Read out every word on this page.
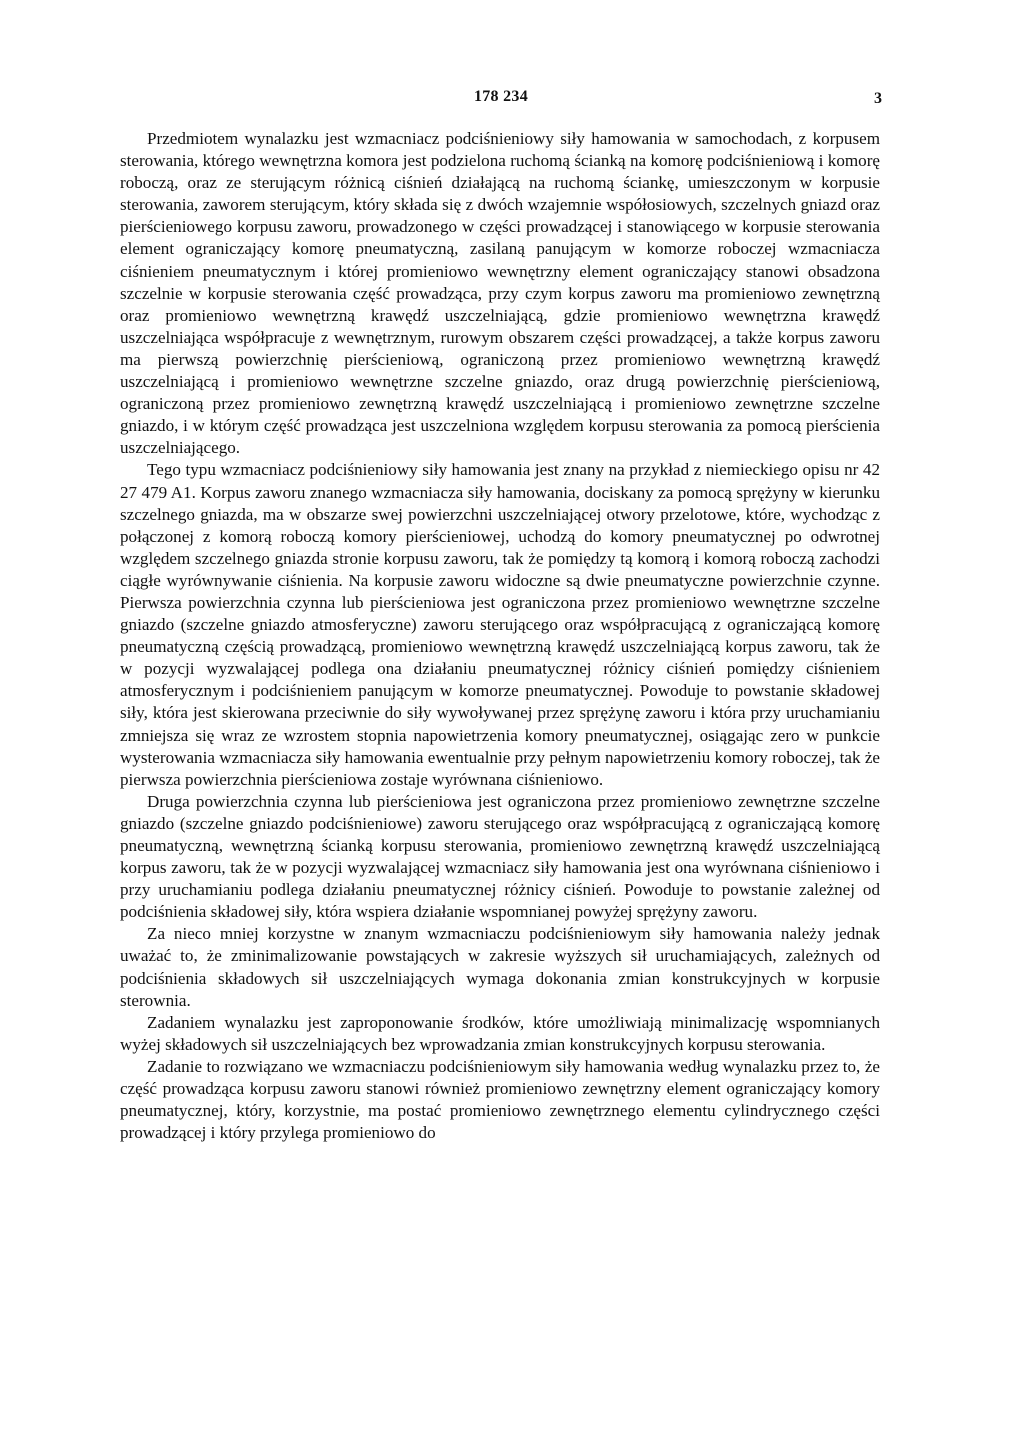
178 234	3

Przedmiotem wynalazku jest wzmacniacz podciśnieniowy siły hamowania w samochodach, z korpusem sterowania, którego wewnętrzna komora jest podzielona ruchomą ścianką na komorę podciśnieniową i komorę roboczą, oraz ze sterującym różnicą ciśnień działającą na ruchomą ściankę, umieszczonym w korpusie sterowania, zaworem sterującym, który składa się z dwóch wzajemnie współosiowych, szczelnych gniazd oraz pierścieniowego korpusu zaworu, prowadzonego w części prowadzącej i stanowiącego w korpusie sterowania element ograniczający komorę pneumatyczną, zasilaną panującym w komorze roboczej wzmacniacza ciśnieniem pneumatycznym i której promieniowo wewnętrzny element ograniczający stanowi obsadzona szczelnie w korpusie sterowania część prowadząca, przy czym korpus zaworu ma promieniowo zewnętrzną oraz promieniowo wewnętrzną krawędź uszczelniającą, gdzie promieniowo wewnętrzna krawędź uszczelniająca współpracuje z wewnętrznym, rurowym obszarem części prowadzącej, a także korpus zaworu ma pierwszą powierzchnię pierścieniową, ograniczoną przez promieniowo wewnętrzną krawędź uszczelniającą i promieniowo wewnętrzne szczelne gniazdo, oraz drugą powierzchnię pierścieniową, ograniczoną przez promieniowo zewnętrzną krawędź uszczelniającą i promieniowo zewnętrzne szczelne gniazdo, i w którym część prowadząca jest uszczelniona względem korpusu sterowania za pomocą pierścienia uszczelniającego.

Tego typu wzmacniacz podciśnieniowy siły hamowania jest znany na przykład z niemieckiego opisu nr 42 27 479 A1. Korpus zaworu znanego wzmacniacza siły hamowania, dociskany za pomocą sprężyny w kierunku szczelnego gniazda, ma w obszarze swej powierzchni uszczelniającej otwory przelotowe, które, wychodząc z połączonej z komorą roboczą komory pierścieniowej, uchodzą do komory pneumatycznej po odwrotnej względem szczelnego gniazda stronie korpusu zaworu, tak że pomiędzy tą komorą i komorą roboczą zachodzi ciągłe wyrównywanie ciśnienia. Na korpusie zaworu widoczne są dwie pneumatyczne powierzchnie czynne. Pierwsza powierzchnia czynna lub pierścieniowa jest ograniczona przez promieniowo wewnętrzne szczelne gniazdo (szczelne gniazdo atmosferyczne) zaworu sterującego oraz współpracującą z ograniczającą komorę pneumatyczną częścią prowadzącą, promieniowo wewnętrzną krawędź uszczelniającą korpus zaworu, tak że w pozycji wyzwalającej podlega ona działaniu pneumatycznej różnicy ciśnień pomiędzy ciśnieniem atmosferycznym i podciśnieniem panującym w komorze pneumatycznej. Powoduje to powstanie składowej siły, która jest skierowana przeciwnie do siły wywoływanej przez sprężynę zaworu i która przy uruchamianiu zmniejsza się wraz ze wzrostem stopnia napowietrzenia komory pneumatycznej, osiągając zero w punkcie wysterowania wzmacniacza siły hamowania ewentualnie przy pełnym napowietrzeniu komory roboczej, tak że pierwsza powierzchnia pierścieniowa zostaje wyrównana ciśnieniowo.

Druga powierzchnia czynna lub pierścieniowa jest ograniczona przez promieniowo zewnętrzne szczelne gniazdo (szczelne gniazdo podciśnieniowe) zaworu sterującego oraz współpracującą z ograniczającą komorę pneumatyczną, wewnętrzną ścianką korpusu sterowania, promieniowo zewnętrzną krawędź uszczelniającą korpus zaworu, tak że w pozycji wyzwalającej wzmacniacz siły hamowania jest ona wyrównana ciśnieniowo i przy uruchamianiu podlega działaniu pneumatycznej różnicy ciśnień. Powoduje to powstanie zależnej od podciśnienia składowej siły, która wspiera działanie wspomnianej powyżej sprężyny zaworu.

Za nieco mniej korzystne w znanym wzmacniaczu podciśnieniowym siły hamowania należy jednak uważać to, że zminimalizowanie powstających w zakresie wyższych sił uruchamiających, zależnych od podciśnienia składowych sił uszczelniających wymaga dokonania zmian konstrukcyjnych w korpusie sterownia.

Zadaniem wynalazku jest zaproponowanie środków, które umożliwiają minimalizację wspomnianych wyżej składowych sił uszczelniających bez wprowadzania zmian konstrukcyjnych korpusu sterowania.

Zadanie to rozwiązano we wzmacniaczu podciśnieniowym siły hamowania według wynalazku przez to, że część prowadząca korpusu zaworu stanowi również promieniowo zewnętrzny element ograniczający komory pneumatycznej, który, korzystnie, ma postać promieniowo zewnętrznego elementu cylindrycznego części prowadzącej i który przylega promieniowo do
